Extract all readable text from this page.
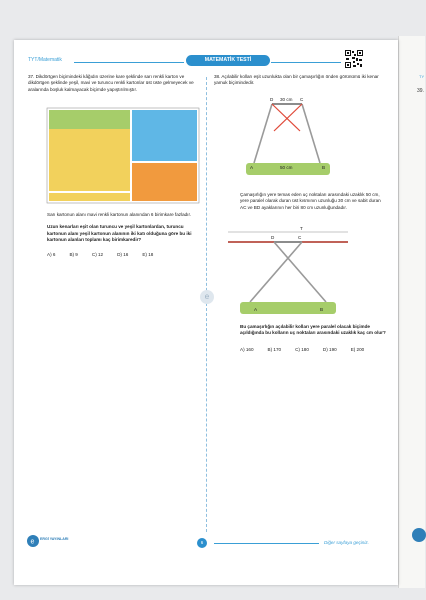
TY
39.
TYT/Matematik	MATEMATİK TESTİ
e

37. Dikdörtgen biçimindeki kâğıdın üzerine kare şeklinde sarı renkli karton ve dikdörtgen şeklinde yeşil, mavi ve turuncu renkli kartonlar üst üste gelmeyecek ve aralarında boşluk kalmayacak biçimde yapıştırılmıştır.

Sarı kartonun alanı mavi renkli kartonun alanından 6 birimkare fazladır.

Uzun kenarları eşit olan turuncu ve yeşil kartonlardan, turuncu kartonun alanı yeşil kartonun alanının iki katı olduğuna göre bu iki kartonun alanları toplamı kaç birimkaredir?

A) 6	B) 9	C) 12	D) 16	E) 18

38. Açılabilir kolları eşit uzunlukta olan bir çamaşırlığın önden görünümü iki kenar yamuk biçimindedir.

D 30 cm C
A	50 cm	B

Çamaşırlığın yere temas eden uç noktaları arasındaki uzaklık 50 cm, yere paralel olarak duran üst kısmının uzunluğu 30 cm ve sabit duran AC ve BD ayaklarının her biri 80 cm uzunluğundadır.

T
D	C
A	B

Bu çamaşırlığın açılabilir kolları yere paralel olacak biçimde açıldığında bu kolların uç noktaları arasındaki uzaklık kaç cm olur?

A) 160	B) 170	C) 180	D) 190	E) 200
e ERGİ YAYINLARI
6	Diğer sayfaya geçiniz.
